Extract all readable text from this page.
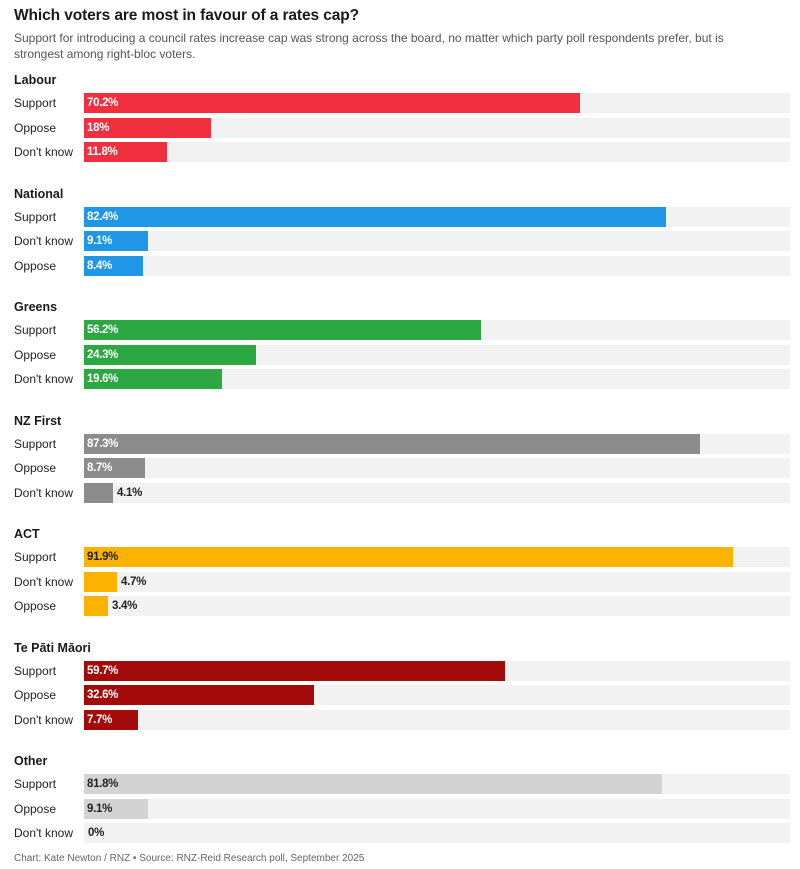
Which voters are most in favour of a rates cap?
Support for introducing a council rates increase cap was strong across the board, no matter which party poll respondents prefer, but is strongest among right-bloc voters.
Labour
Support	70.2%
Oppose	18%
Don't know 11.8%
National
Support	82.4%
Don't know 9.1%
Oppose	8.4%
Greens
Support	56.2%
Oppose	24.3%
Don't know 19.6%
NZ First
Support	87.3%
Oppose	8.7%
Don't know	4.1%
ACT
Support	91.9%
Don't know	4.7%
Oppose	3.4%
Te Pāti Māori
Support	59.7%
Oppose	32.6%
Don't know 7.7%
Other
Support	81.8%
Oppose	9.1%
Don't know 0%
Chart: Kate Newton / RNZ • Source: RNZ-Reid Research poll, September 2025
